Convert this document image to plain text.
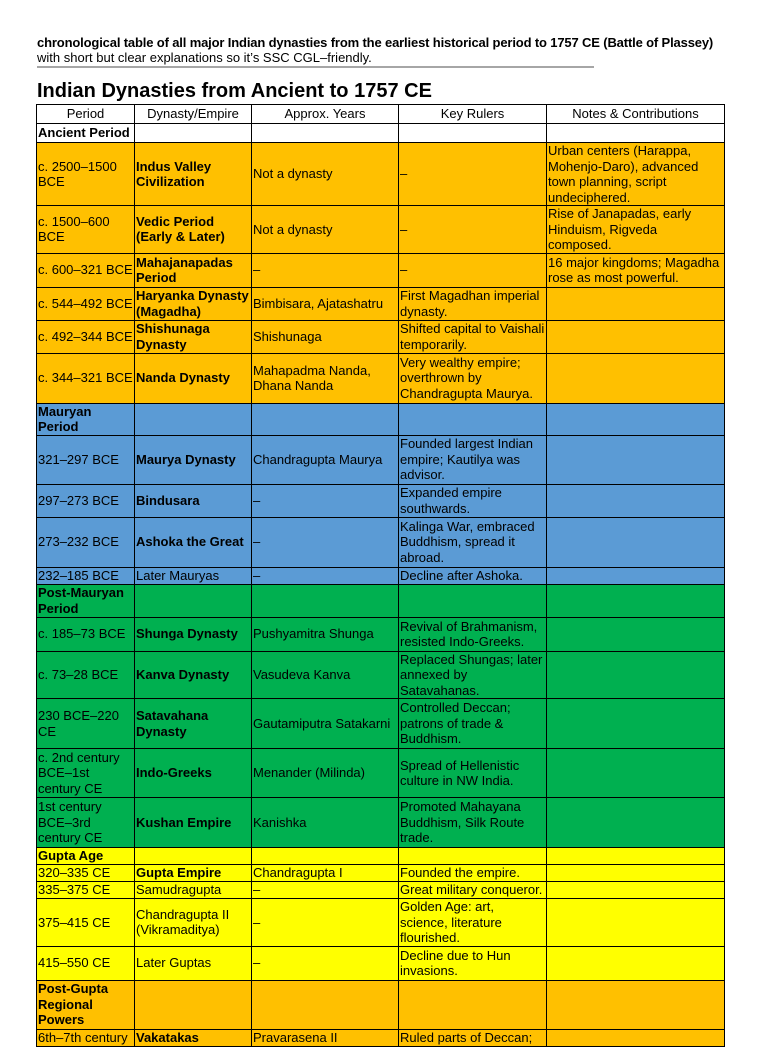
chronological table of all major Indian dynasties from the earliest historical period to 1757 CE (Battle of Plassey)
with short but clear explanations so it’s SSC CGL–friendly.
Indian Dynasties from Ancient to 1757 CE
Period	Dynasty/Empire	Approx. Years	Key Rulers	Notes & Contributions
Ancient Period				
c. 2500–1500 BCE	Indus Valley Civilization	Not a dynasty	–	Urban centers (Harappa, Mohenjo-Daro), advanced town planning, script undeciphered.
c. 1500–600 BCE	Vedic Period (Early & Later)	Not a dynasty	–	Rise of Janapadas, early Hinduism, Rigveda composed.
c. 600–321 BCE	Mahajanapadas Period	–	–	16 major kingdoms; Magadha rose as most powerful.
c. 544–492 BCE	Haryanka Dynasty (Magadha)	Bimbisara, Ajatashatru	First Magadhan imperial dynasty.	
c. 492–344 BCE	Shishunaga Dynasty	Shishunaga	Shifted capital to Vaishali temporarily.	
c. 344–321 BCE	Nanda Dynasty	Mahapadma Nanda, Dhana Nanda	Very wealthy empire; overthrown by Chandragupta Maurya.	
Mauryan Period				
321–297 BCE	Maurya Dynasty	Chandragupta Maurya	Founded largest Indian empire; Kautilya was advisor.	
297–273 BCE	Bindusara	–	Expanded empire southwards.	
273–232 BCE	Ashoka the Great	–	Kalinga War, embraced Buddhism, spread it abroad.	
232–185 BCE	Later Mauryas	–	Decline after Ashoka.	
Post-Mauryan Period				
c. 185–73 BCE	Shunga Dynasty	Pushyamitra Shunga	Revival of Brahmanism, resisted Indo-Greeks.	
c. 73–28 BCE	Kanva Dynasty	Vasudeva Kanva	Replaced Shungas; later annexed by Satavahanas.	
230 BCE–220 CE	Satavahana Dynasty	Gautamiputra Satakarni	Controlled Deccan; patrons of trade & Buddhism.	
c. 2nd century BCE–1st century CE	Indo-Greeks	Menander (Milinda)	Spread of Hellenistic culture in NW India.	
1st century BCE–3rd century CE	Kushan Empire	Kanishka	Promoted Mahayana Buddhism, Silk Route trade.	
Gupta Age				
320–335 CE	Gupta Empire	Chandragupta I	Founded the empire.	
335–375 CE	Samudragupta	–	Great military conqueror.	
375–415 CE	Chandragupta II (Vikramaditya)	–	Golden Age: art, science, literature flourished.	
415–550 CE	Later Guptas	–	Decline due to Hun invasions.	
Post-Gupta Regional Powers				
6th–7th century	Vakatakas	Pravarasena II	Ruled parts of Deccan;	
